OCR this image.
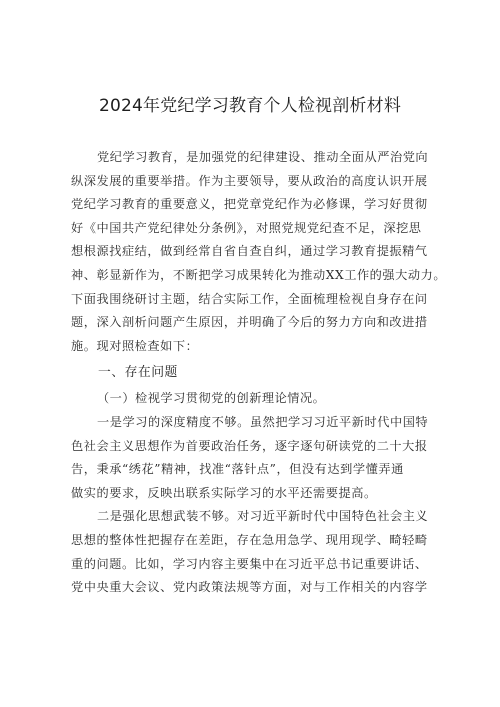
2024年党纪学习教育个人检视剖析材料
党纪学习教育，是加强党的纪律建设、推动全面从严治党向
纵深发展的重要举措。作为主要领导，要从政治的高度认识开展
党纪学习教育的重要意义，把党章党纪作为必修课，学习好贯彻
好《中国共产党纪律处分条例》，对照党规党纪查不足，深挖思
想根源找症结，做到经常自省自查自纠，通过学习教育提振精气
神、彰显新作为，不断把学习成果转化为推动XX工作的强大动力。
下面我围绕研讨主题，结合实际工作，全面梳理检视自身存在问
题，深入剖析问题产生原因，并明确了今后的努力方向和改进措
施。现对照检查如下：
一、存在问题
（一）检视学习贯彻党的创新理论情况。
一是学习的深度精度不够。虽然把学习习近平新时代中国特
色社会主义思想作为首要政治任务，逐字逐句研读党的二十大报
告，秉承“绣花”精神，找准“落针点”，但没有达到学懂弄通
做实的要求，反映出联系实际学习的水平还需要提高。
二是强化思想武装不够。对习近平新时代中国特色社会主义
思想的整体性把握存在差距，存在急用急学、现用现学、畸轻畸
重的问题。比如，学习内容主要集中在习近平总书记重要讲话、
党中央重大会议、党内政策法规等方面，对与工作相关的内容学
